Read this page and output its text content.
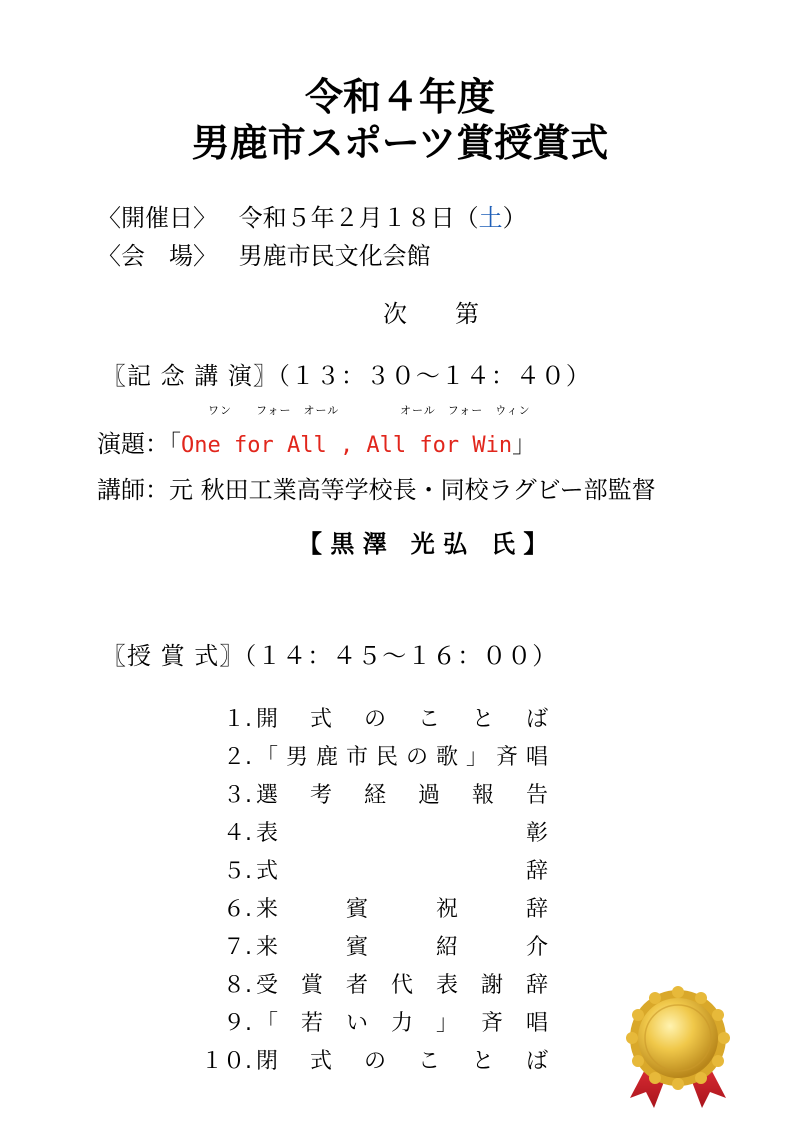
令和４年度
男鹿市スポーツ賞授賞式
〈開催日〉 令和５年２月１８日（土）
〈会　場〉 男鹿市民文化会館
次　　第
〖記 念 講 演〗（１３：３０〜１４：４０）
ワン　　フォー　オール	オール　フォー　ウィン
演題：「One for All , All for Win」
講師：元 秋田工業高等学校長・同校ラグビー部監督
【 黒 澤　光 弘　氏 】
〖授 賞 式〗（１４：４５〜１６：００）
１. 開式のことば
２. 「男鹿市民の歌」斉唱
３. 選考経過報告
４. 表彰
５. 式辞
６. 来賓祝辞
７. 来賓紹介
８. 受賞者代表謝辞
９. 「若い力」斉唱
１０. 閉式のことば
